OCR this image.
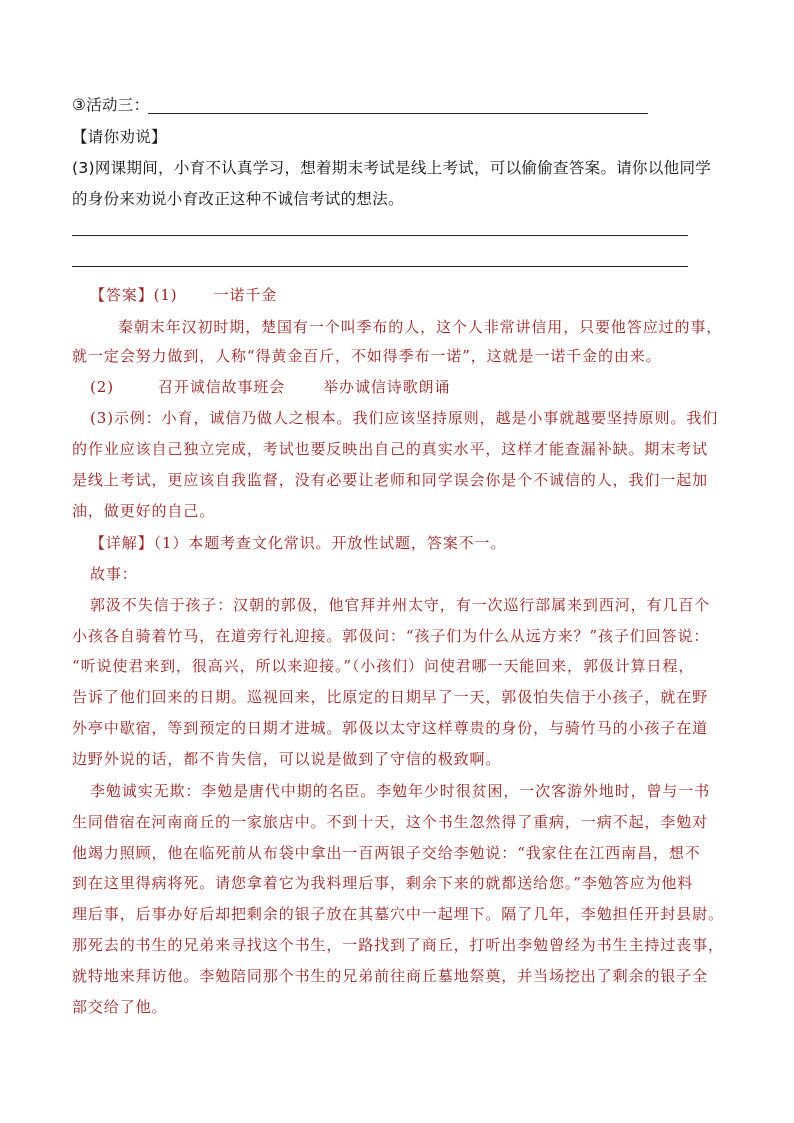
③活动三：
【请你劝说】
(3)网课期间，小育不认真学习，想着期末考试是线上考试，可以偷偷查答案。请你以他同学
的身份来劝说小育改正这种不诚信考试的想法。
【答案】(1) 一诺千金
秦朝末年汉初时期，楚国有一个叫季布的人，这个人非常讲信用，只要他答应过的事，
就一定会努力做到，人称“得黄金百斤，不如得季布一诺”，这就是一诺千金的由来。
(2)	召开诚信故事班会	举办诚信诗歌朗诵
(3)示例：小育，诚信乃做人之根本。我们应该坚持原则，越是小事就越要坚持原则。我们
的作业应该自己独立完成，考试也要反映出自己的真实水平，这样才能查漏补缺。期末考试
是线上考试，更应该自我监督，没有必要让老师和同学误会你是个不诚信的人，我们一起加
油，做更好的自己。
【详解】（1）本题考查文化常识。开放性试题，答案不一。
故事：
郭汲不失信于孩子：汉朝的郭伋，他官拜并州太守，有一次巡行部属来到西河，有几百个
小孩各自骑着竹马，在道旁行礼迎接。郭伋问：“孩子们为什么从远方来？”孩子们回答说：
“听说使君来到，很高兴，所以来迎接。”（小孩们）问使君哪一天能回来，郭伋计算日程，
告诉了他们回来的日期。巡视回来，比原定的日期早了一天，郭伋怕失信于小孩子，就在野
外亭中歇宿，等到预定的日期才进城。郭伋以太守这样尊贵的身份，与骑竹马的小孩子在道
边野外说的话，都不肯失信，可以说是做到了守信的极致啊。
李勉诚实无欺：李勉是唐代中期的名臣。李勉年少时很贫困，一次客游外地时，曾与一书
生同借宿在河南商丘的一家旅店中。不到十天，这个书生忽然得了重病，一病不起，李勉对
他竭力照顾，他在临死前从布袋中拿出一百两银子交给李勉说：“我家住在江西南昌，想不
到在这里得病将死。请您拿着它为我料理后事，剩余下来的就都送给您。”李勉答应为他料
理后事，后事办好后却把剩余的银子放在其墓穴中一起埋下。隔了几年，李勉担任开封县尉。
那死去的书生的兄弟来寻找这个书生，一路找到了商丘，打听出李勉曾经为书生主持过丧事，
就特地来拜访他。李勉陪同那个书生的兄弟前往商丘墓地祭奠，并当场挖出了剩余的银子全
部交给了他。
